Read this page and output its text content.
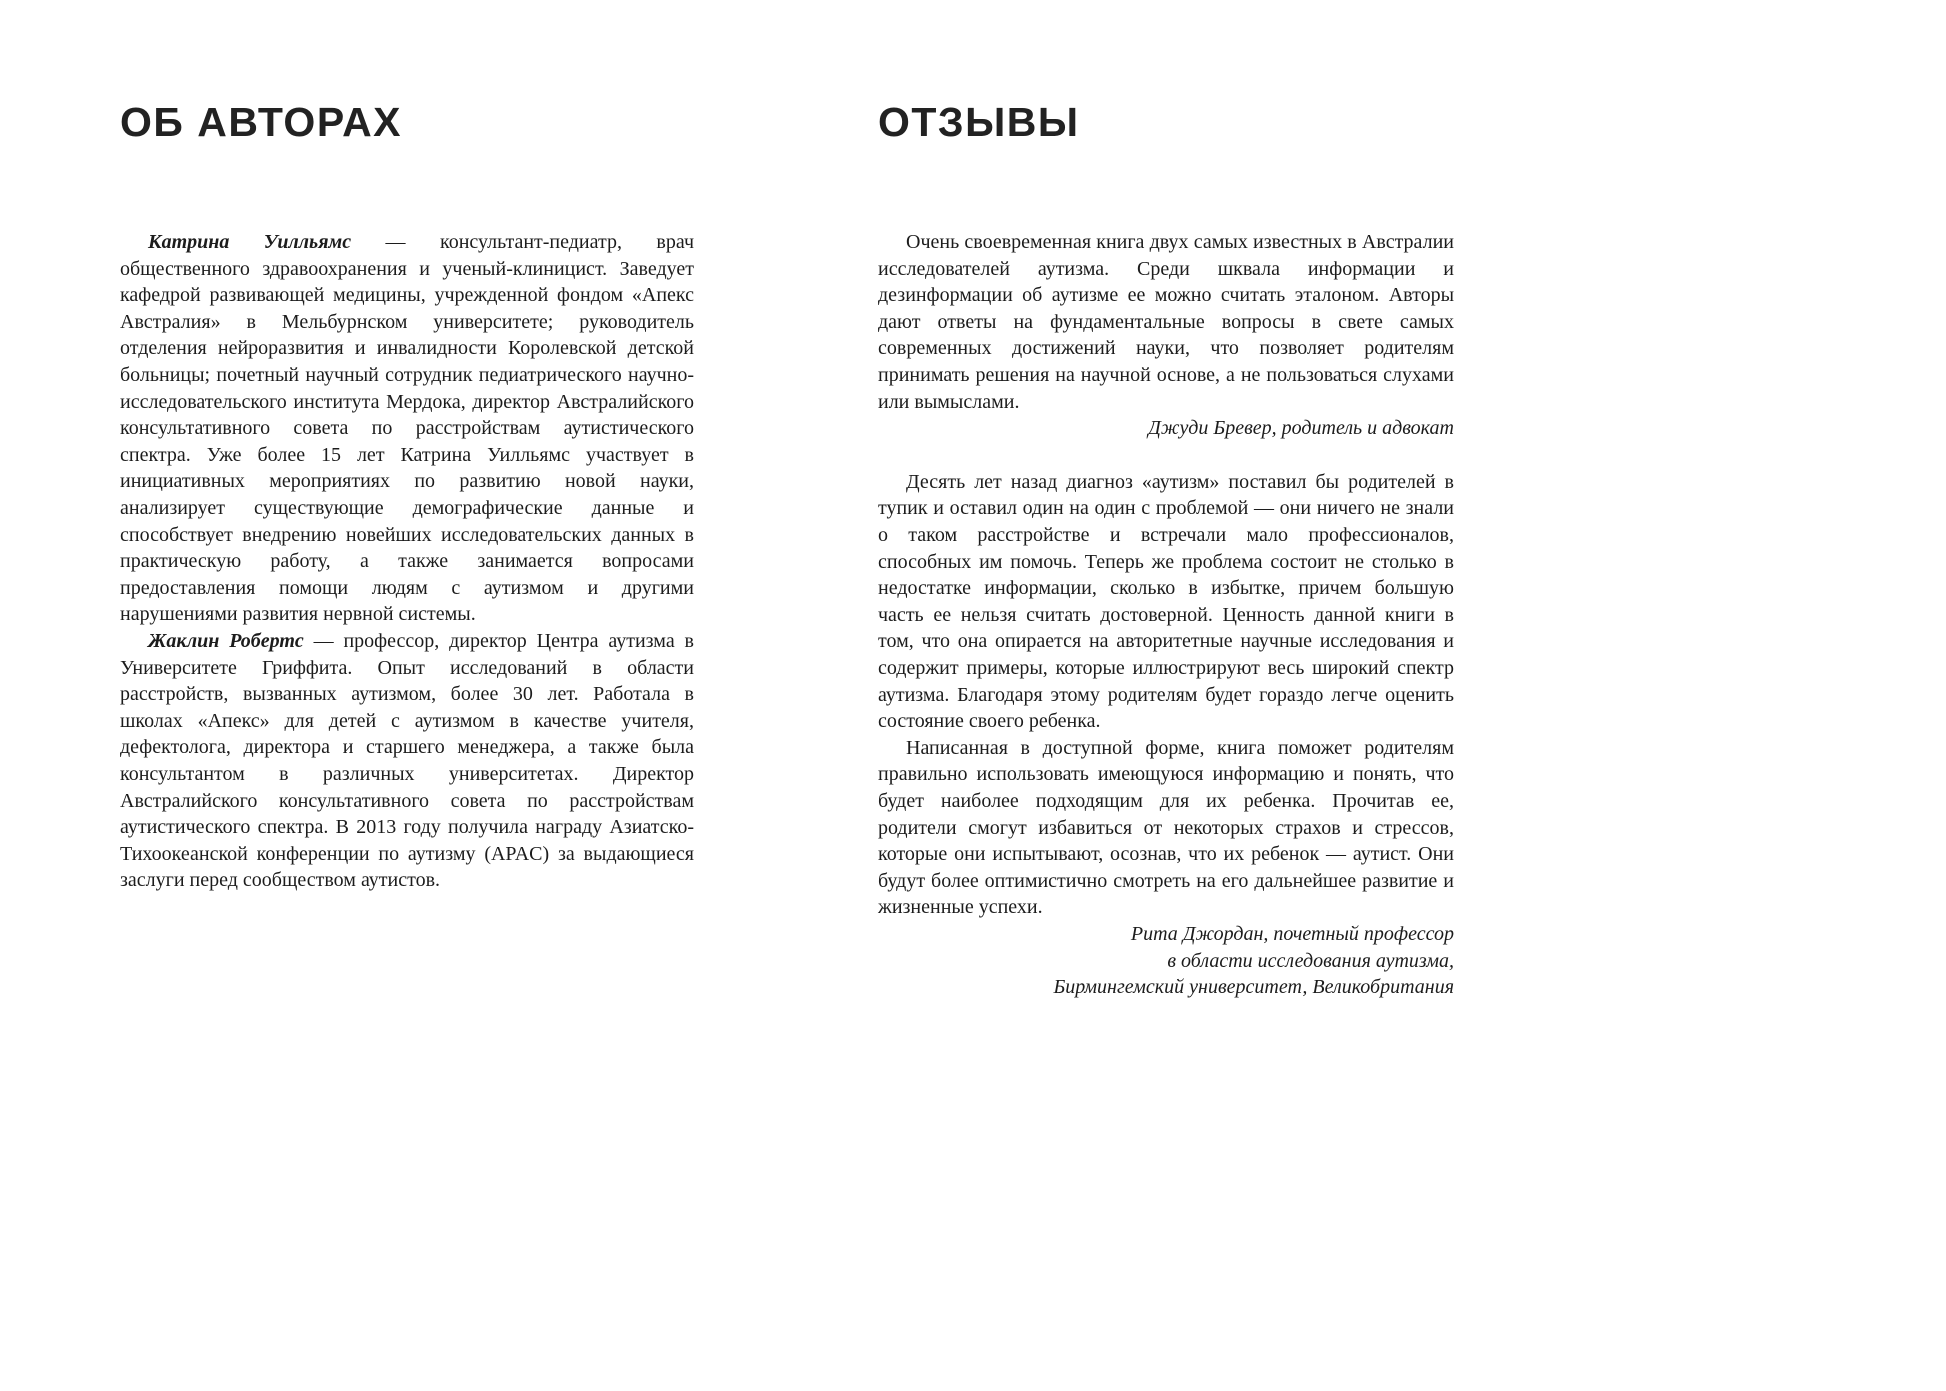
ОБ АВТОРАХ

Катрина Уилльямс — консультант-педиатр, врач общественного здравоохранения и ученый-клиницист. Заведует кафедрой развивающей медицины, учрежденной фондом «Апекс Австралия» в Мельбурнском университете; руководитель отделения нейроразвития и инвалидности Королевской детской больницы; почетный научный сотрудник педиатрического научно-исследовательского института Мердока, директор Австралийского консультативного совета по расстройствам аутистического спектра. Уже более 15 лет Катрина Уилльямс участвует в инициативных мероприятиях по развитию новой науки, анализирует существующие демографические данные и способствует внедрению новейших исследовательских данных в практическую работу, а также занимается вопросами предоставления помощи людям с аутизмом и другими нарушениями развития нервной системы.

Жаклин Робертс — профессор, директор Центра аутизма в Университете Гриффита. Опыт исследований в области расстройств, вызванных аутизмом, более 30 лет. Работала в школах «Апекс» для детей с аутизмом в качестве учителя, дефектолога, директора и старшего менеджера, а также была консультантом в различных университетах. Директор Австралийского консультативного совета по расстройствам аутистического спектра. В 2013 году получила награду Азиатско-Тихоокеанской конференции по аутизму (APAC) за выдающиеся заслуги перед сообществом аутистов.

ОТЗЫВЫ

Очень своевременная книга двух самых известных в Австралии исследователей аутизма. Среди шквала информации и дезинформации об аутизме ее можно считать эталоном. Авторы дают ответы на фундаментальные вопросы в свете самых современных достижений науки, что позволяет родителям принимать решения на научной основе, а не пользоваться слухами или вымыслами.

Джуди Бревер, родитель и адвокат

Десять лет назад диагноз «аутизм» поставил бы родителей в тупик и оставил один на один с проблемой — они ничего не знали о таком расстройстве и встречали мало профессионалов, способных им помочь. Теперь же проблема состоит не столько в недостатке информации, сколько в избытке, причем большую часть ее нельзя считать достоверной. Ценность данной книги в том, что она опирается на авторитетные научные исследования и содержит примеры, которые иллюстрируют весь широкий спектр аутизма. Благодаря этому родителям будет гораздо легче оценить состояние своего ребенка.

Написанная в доступной форме, книга поможет родителям правильно использовать имеющуюся информацию и понять, что будет наиболее подходящим для их ребенка. Прочитав ее, родители смогут избавиться от некоторых страхов и стрессов, которые они испытывают, осознав, что их ребенок — аутист. Они будут более оптимистично смотреть на его дальнейшее развитие и жизненные успехи.

Рита Джордан, почетный профессор
в области исследования аутизма,
Бирмингемский университет, Великобритания
